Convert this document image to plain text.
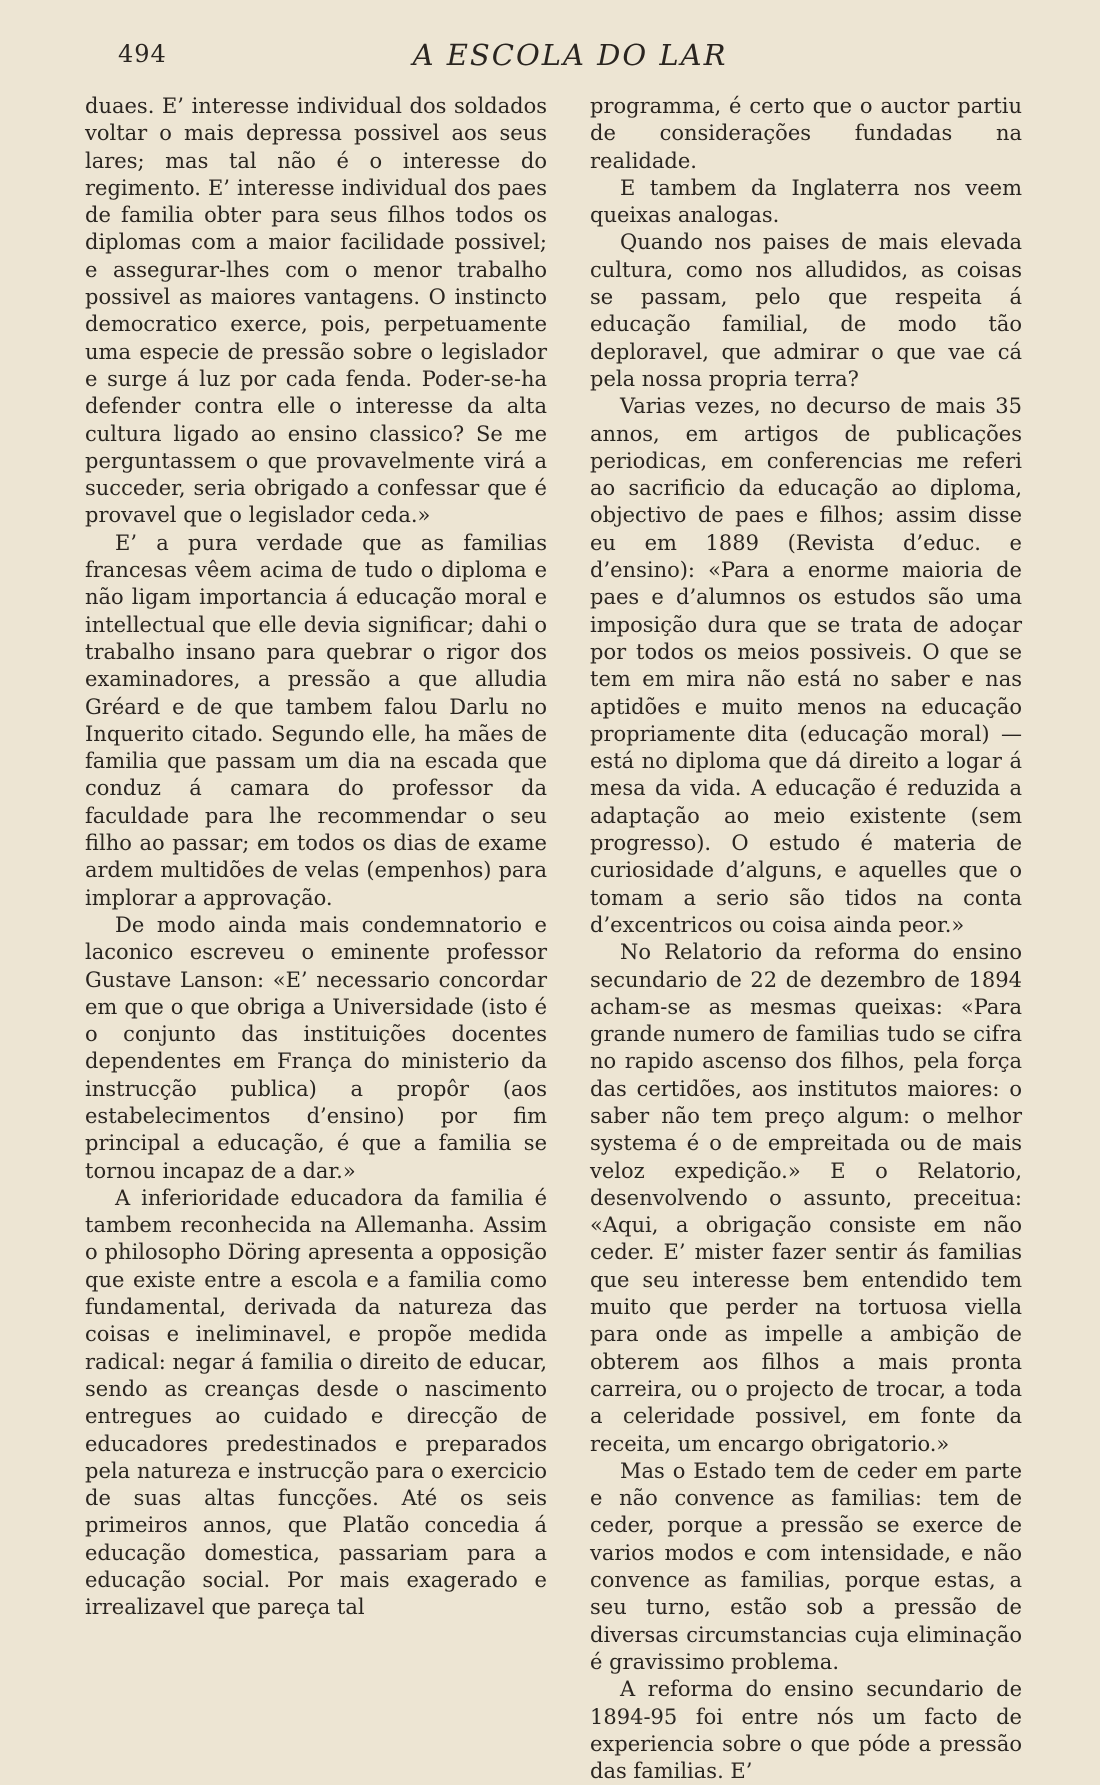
494	A ESCOLA DO LAR

duaes. E’ interesse individual dos soldados voltar o mais depressa possivel aos seus lares; mas tal não é o interesse do regimento. E’ interesse individual dos paes de familia obter para seus filhos todos os diplomas com a maior facilidade possivel; e assegurar-lhes com o menor trabalho possivel as maiores vantagens. O instincto democratico exerce, pois, perpetuamente uma especie de pressão sobre o legislador e surge á luz por cada fenda. Poder-se-ha defender contra elle o interesse da alta cultura ligado ao ensino classico? Se me perguntassem o que provavelmente virá a succeder, seria obrigado a confessar que é provavel que o legislador ceda.»

E’ a pura verdade que as familias francesas vêem acima de tudo o diploma e não ligam importancia á educação moral e intellectual que elle devia significar; dahi o trabalho insano para quebrar o rigor dos examinadores, a pressão a que alludia Gréard e de que tambem falou Darlu no Inquerito citado. Segundo elle, ha mães de familia que passam um dia na escada que conduz á camara do professor da faculdade para lhe recommendar o seu filho ao passar; em todos os dias de exame ardem multidões de velas (empenhos) para implorar a approvação.

De modo ainda mais condemnatorio e laconico escreveu o eminente professor Gustave Lanson: «E’ necessario concordar em que o que obriga a Universidade (isto é o conjunto das instituições docentes dependentes em França do ministerio da instrucção publica) a propôr (aos estabelecimentos d’ensino) por fim principal a educação, é que a familia se tornou incapaz de a dar.»

A inferioridade educadora da familia é tambem reconhecida na Allemanha. Assim o philosopho Döring apresenta a opposição que existe entre a escola e a familia como fundamental, derivada da natureza das coisas e ineliminavel, e propõe medida radical: negar á familia o direito de educar, sendo as creanças desde o nascimento entregues ao cuidado e direcção de educadores predestinados e preparados pela natureza e instrucção para o exercicio de suas altas funcções. Até os seis primeiros annos, que Platão concedia á educação domestica, passariam para a educação social. Por mais exagerado e irrealizavel que pareça tal

programma, é certo que o auctor partiu de considerações fundadas na realidade.

E tambem da Inglaterra nos veem queixas analogas.

Quando nos paises de mais elevada cultura, como nos alludidos, as coisas se passam, pelo que respeita á educação familial, de modo tão deploravel, que admirar o que vae cá pela nossa propria terra?

Varias vezes, no decurso de mais 35 annos, em artigos de publicações periodicas, em conferencias me referi ao sacrificio da educação ao diploma, objectivo de paes e filhos; assim disse eu em 1889 (Revista d’educ. e d’ensino): «Para a enorme maioria de paes e d’alumnos os estudos são uma imposição dura que se trata de adoçar por todos os meios possiveis. O que se tem em mira não está no saber e nas aptidões e muito menos na educação propriamente dita (educação moral) — está no diploma que dá direito a logar á mesa da vida. A educação é reduzida a adaptação ao meio existente (sem progresso). O estudo é materia de curiosidade d’alguns, e aquelles que o tomam a serio são tidos na conta d’excentricos ou coisa ainda peor.»

No Relatorio da reforma do ensino secundario de 22 de dezembro de 1894 acham-se as mesmas queixas: «Para grande numero de familias tudo se cifra no rapido ascenso dos filhos, pela força das certidões, aos institutos maiores: o saber não tem preço algum: o melhor systema é o de empreitada ou de mais veloz expedição.» E o Relatorio, desenvolvendo o assunto, preceitua: «Aqui, a obrigação consiste em não ceder. E’ mister fazer sentir ás familias que seu interesse bem entendido tem muito que perder na tortuosa viella para onde as impelle a ambição de obterem aos filhos a mais pronta carreira, ou o projecto de trocar, a toda a celeridade possivel, em fonte da receita, um encargo obrigatorio.»

Mas o Estado tem de ceder em parte e não convence as familias: tem de ceder, porque a pressão se exerce de varios modos e com intensidade, e não convence as familias, porque estas, a seu turno, estão sob a pressão de diversas circumstancias cuja eliminação é gravissimo problema.

A reforma do ensino secundario de 1894-95 foi entre nós um facto de experiencia sobre o que póde a pressão das familias. E’
